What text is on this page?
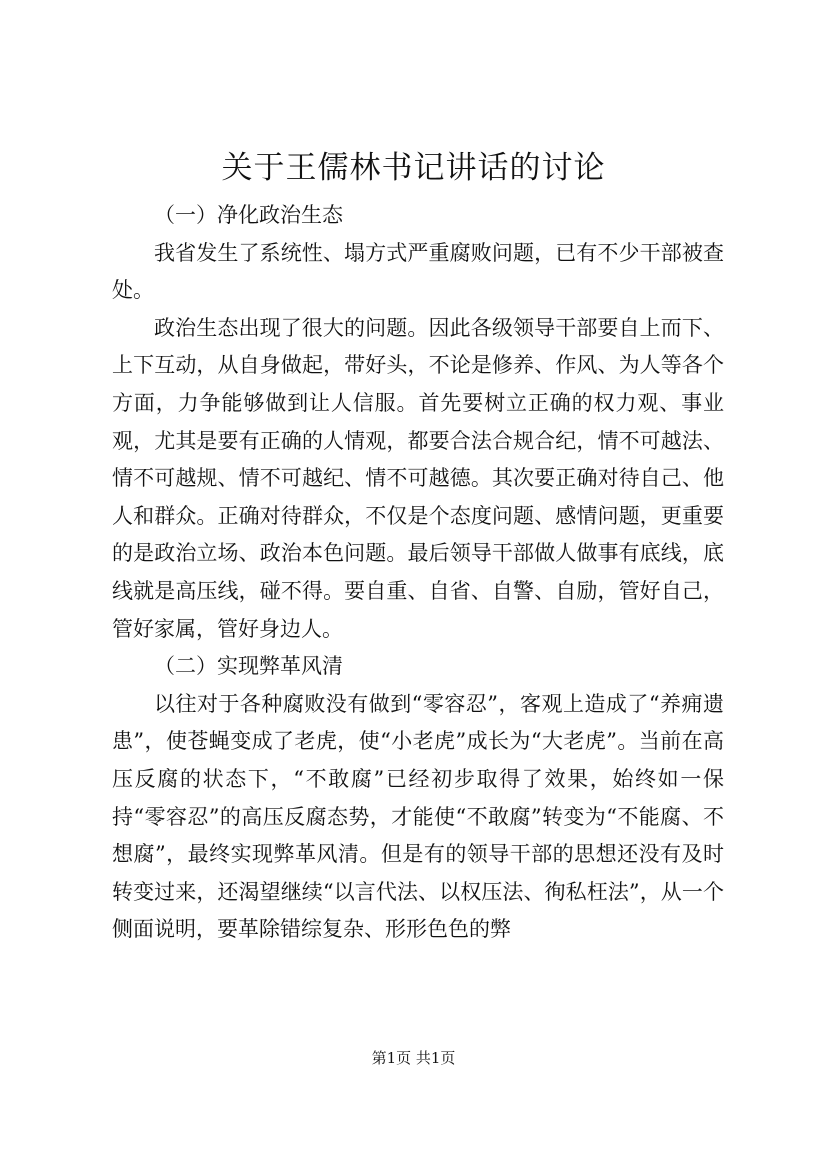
关于王儒林书记讲话的讨论

（一）净化政治生态

我省发生了系统性、塌方式严重腐败问题，已有不少干部被查处。

政治生态出现了很大的问题。因此各级领导干部要自上而下、上下互动，从自身做起，带好头，不论是修养、作风、为人等各个方面，力争能够做到让人信服。首先要树立正确的权力观、事业观，尤其是要有正确的人情观，都要合法合规合纪，情不可越法、情不可越规、情不可越纪、情不可越德。其次要正确对待自己、他人和群众。正确对待群众，不仅是个态度问题、感情问题，更重要的是政治立场、政治本色问题。最后领导干部做人做事有底线，底线就是高压线，碰不得。要自重、自省、自警、自励，管好自己，管好家属，管好身边人。

（二）实现弊革风清

以往对于各种腐败没有做到“零容忍”，客观上造成了“养痈遗患”，使苍蝇变成了老虎，使“小老虎”成长为“大老虎”。当前在高压反腐的状态下，“不敢腐”已经初步取得了效果，始终如一保持“零容忍”的高压反腐态势，才能使“不敢腐”转变为“不能腐、不想腐”，最终实现弊革风清。但是有的领导干部的思想还没有及时转变过来，还渴望继续“以言代法、以权压法、徇私枉法”，从一个侧面说明，要革除错综复杂、形形色色的弊

第1页 共1页
